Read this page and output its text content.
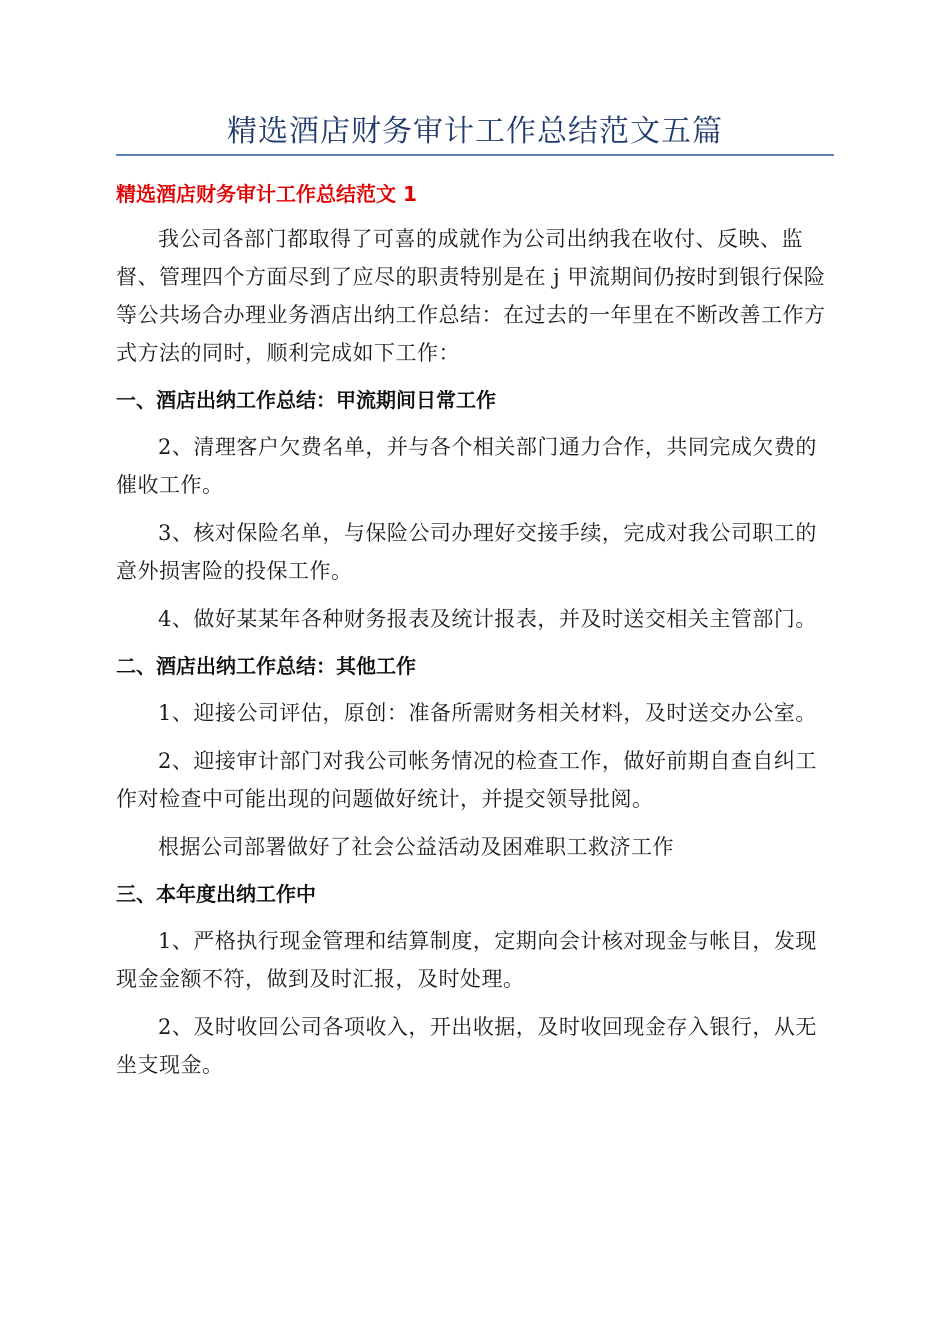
精选酒店财务审计工作总结范文五篇
精选酒店财务审计工作总结范文 1

我公司各部门都取得了可喜的成就作为公司出纳我在收付、反映、监督、管理四个方面尽到了应尽的职责特别是在 j 甲流期间仍按时到银行保险等公共场合办理业务酒店出纳工作总结：在过去的一年里在不断改善工作方式方法的同时，顺利完成如下工作：

一、酒店出纳工作总结：甲流期间日常工作

2、清理客户欠费名单，并与各个相关部门通力合作，共同完成欠费的催收工作。

3、核对保险名单，与保险公司办理好交接手续，完成对我公司职工的意外损害险的投保工作。

4、做好某某年各种财务报表及统计报表，并及时送交相关主管部门。

二、酒店出纳工作总结：其他工作

1、迎接公司评估，原创：准备所需财务相关材料，及时送交办公室。

2、迎接审计部门对我公司帐务情况的检查工作，做好前期自查自纠工作对检查中可能出现的问题做好统计，并提交领导批阅。

根据公司部署做好了社会公益活动及困难职工救济工作

三、本年度出纳工作中

1、严格执行现金管理和结算制度，定期向会计核对现金与帐目，发现现金金额不符，做到及时汇报，及时处理。

2、及时收回公司各项收入，开出收据，及时收回现金存入银行，从无坐支现金。
